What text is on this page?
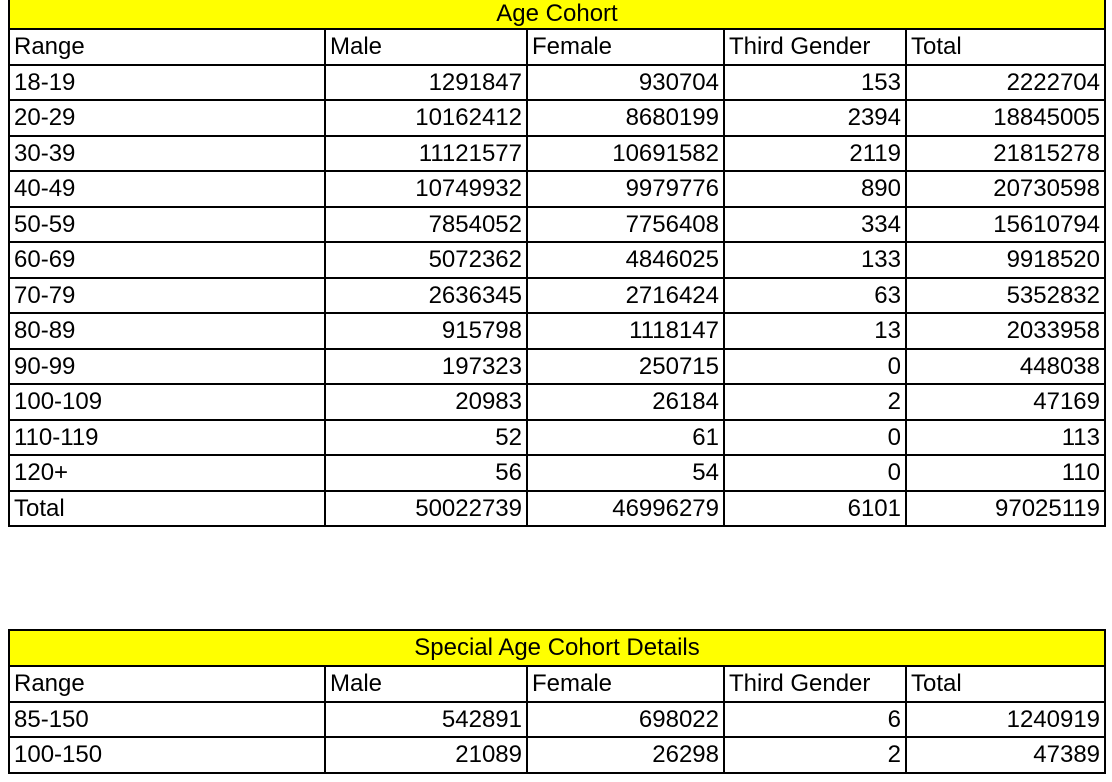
Age Cohort				
Range	Male	Female	Third Gender	Total
18-19	1291847	930704	153	2222704
20-29	10162412	8680199	2394	18845005
30-39	11121577	10691582	2119	21815278
40-49	10749932	9979776	890	20730598
50-59	7854052	7756408	334	15610794
60-69	5072362	4846025	133	9918520
70-79	2636345	2716424	63	5352832
80-89	915798	1118147	13	2033958
90-99	197323	250715	0	448038
100-109	20983	26184	2	47169
110-119	52	61	0	113
120+	56	54	0	110
Total	50022739	46996279	6101	97025119
Special Age Cohort Details				
Range	Male	Female	Third Gender	Total
85-150	542891	698022	6	1240919
100-150	21089	26298	2	47389
